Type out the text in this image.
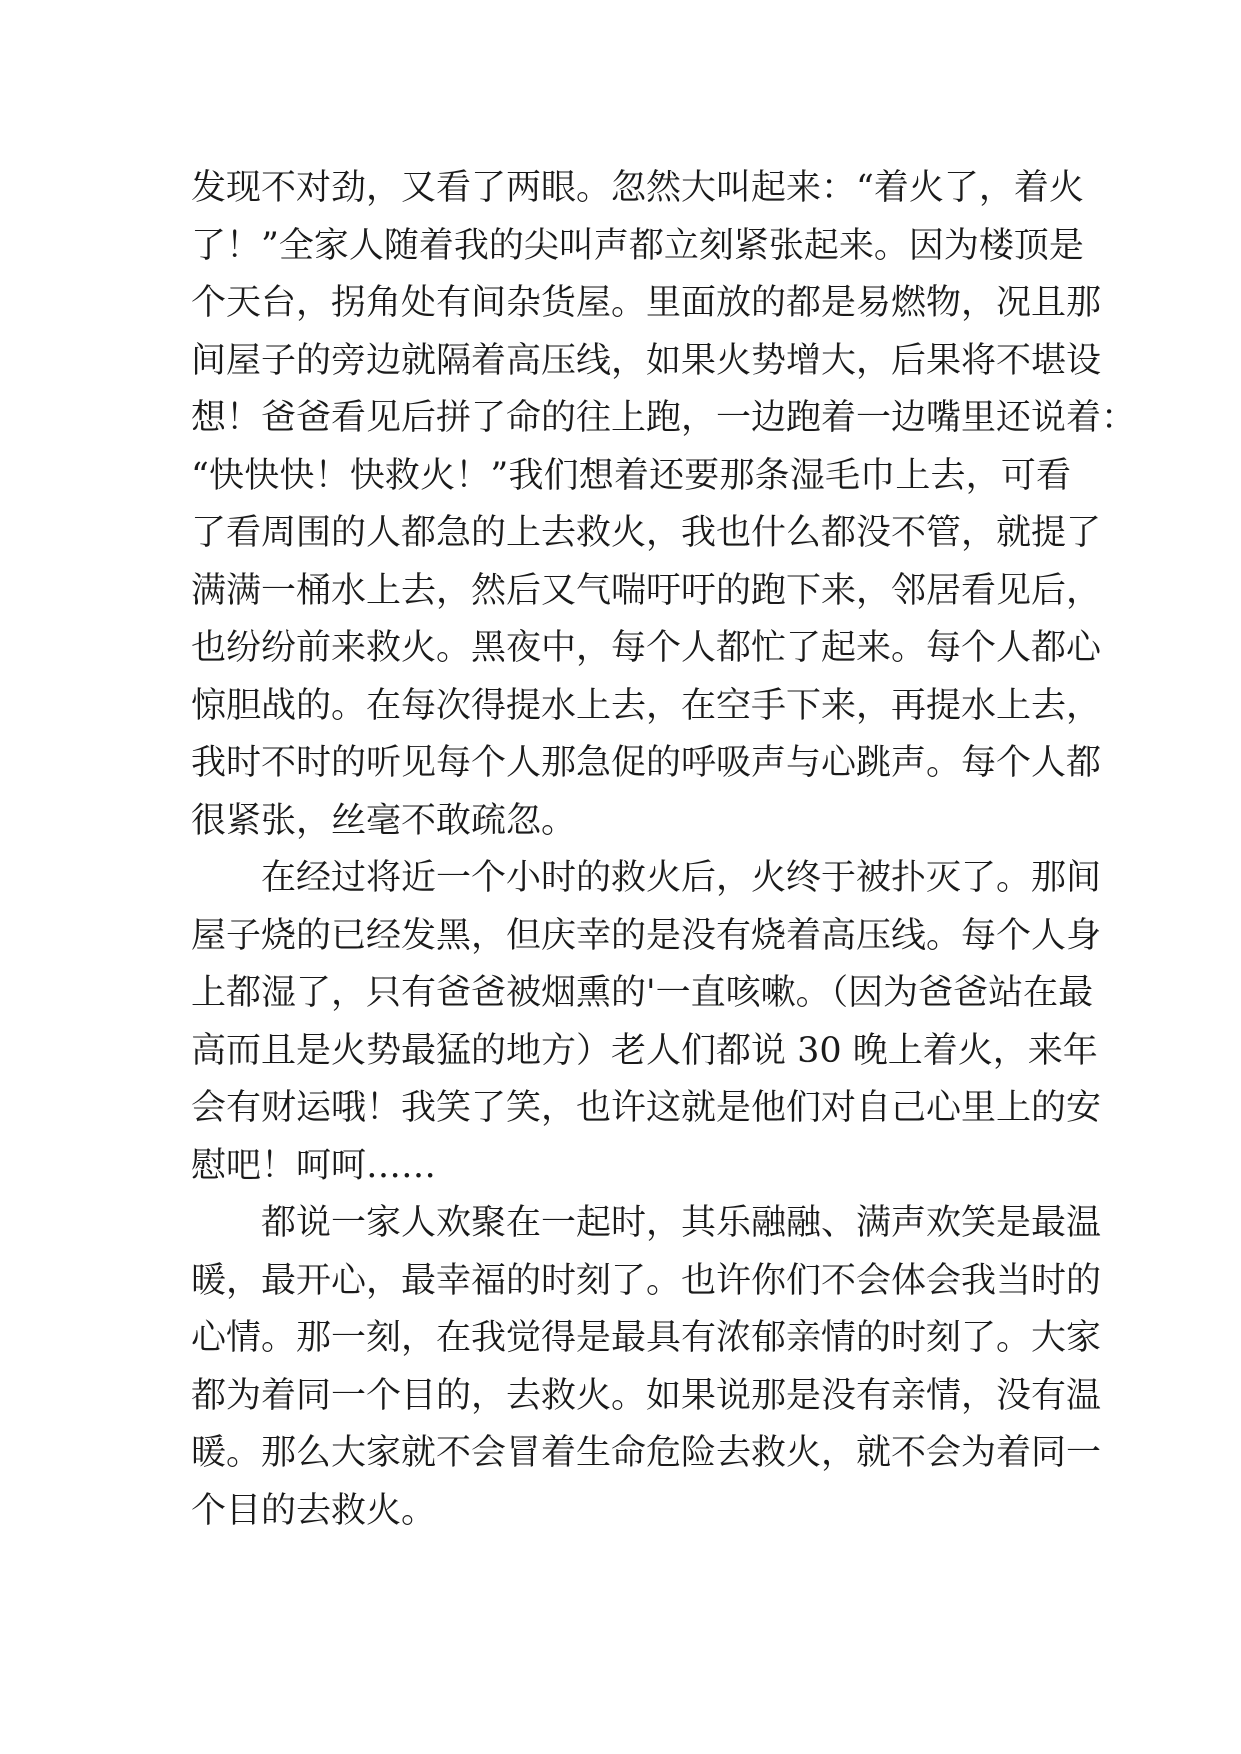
发现不对劲，又看了两眼。忽然大叫起来：“着火了，着火
了！”全家人随着我的尖叫声都立刻紧张起来。因为楼顶是
个天台，拐角处有间杂货屋。里面放的都是易燃物，况且那
间屋子的旁边就隔着高压线，如果火势增大，后果将不堪设
想！爸爸看见后拼了命的往上跑，一边跑着一边嘴里还说着：
“快快快！快救火！”我们想着还要那条湿毛巾上去，可看
了看周围的人都急的上去救火，我也什么都没不管，就提了
满满一桶水上去，然后又气喘吁吁的跑下来，邻居看见后，
也纷纷前来救火。黑夜中，每个人都忙了起来。每个人都心
惊胆战的。在每次得提水上去，在空手下来，再提水上去，
我时不时的听见每个人那急促的呼吸声与心跳声。每个人都
很紧张，丝毫不敢疏忽。
在经过将近一个小时的救火后，火终于被扑灭了。那间
屋子烧的已经发黑，但庆幸的是没有烧着高压线。每个人身
上都湿了，只有爸爸被烟熏的'一直咳嗽。（因为爸爸站在最
高而且是火势最猛的地方）老人们都说 30 晚上着火，来年
会有财运哦！我笑了笑，也许这就是他们对自己心里上的安
慰吧！呵呵……
都说一家人欢聚在一起时，其乐融融、满声欢笑是最温
暖，最开心，最幸福的时刻了。也许你们不会体会我当时的
心情。那一刻，在我觉得是最具有浓郁亲情的时刻了。大家
都为着同一个目的，去救火。如果说那是没有亲情，没有温
暖。那么大家就不会冒着生命危险去救火，就不会为着同一
个目的去救火。
